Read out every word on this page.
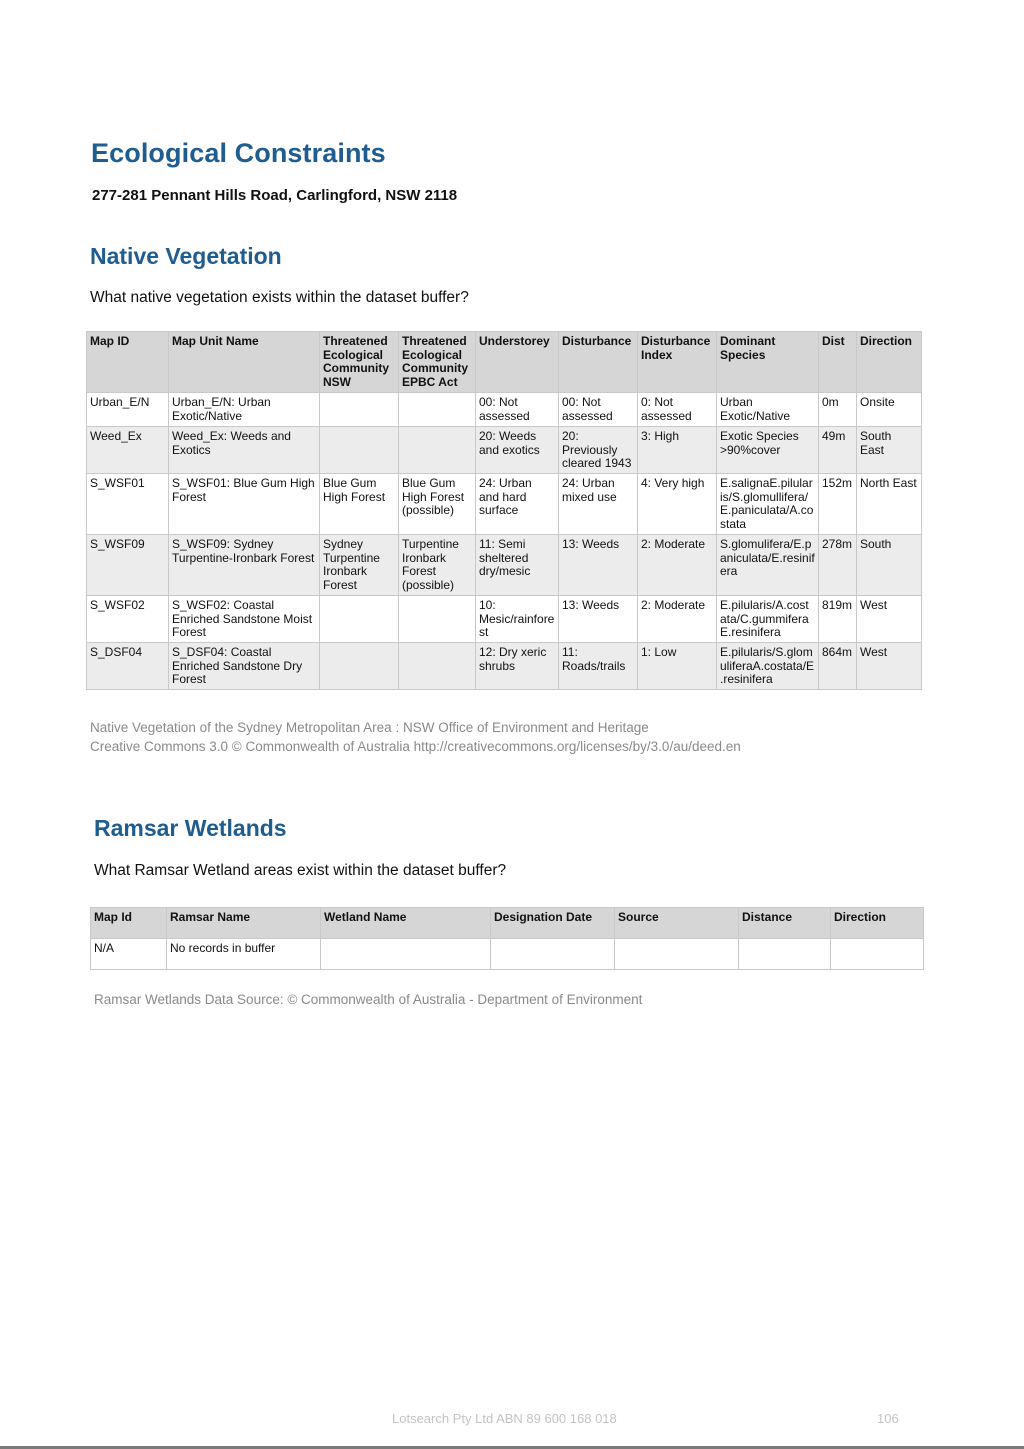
Ecological Constraints
277-281 Pennant Hills Road, Carlingford, NSW 2118
Native Vegetation
What native vegetation exists within the dataset buffer?
Map ID	Map Unit Name	Threatened Ecological Community NSW	Threatened Ecological Community EPBC Act	Understorey	Disturbance	Disturbance Index	Dominant Species	Dist	Direction
Urban_E/N	Urban_E/N: Urban Exotic/Native			00: Not assessed	00: Not assessed	0: Not assessed	Urban Exotic/Native	0m	Onsite
Weed_Ex	Weed_Ex: Weeds and Exotics			20: Weeds and exotics	20: Previously cleared 1943	3: High	Exotic Species >90%cover	49m	South East
S_WSF01	S_WSF01: Blue Gum High Forest	Blue Gum High Forest	Blue Gum High Forest (possible)	24: Urban and hard surface	24: Urban mixed use	4: Very high	E.salignaE.pilularis/S.glomullifera/E.paniculata/A.costata	152m	North East
S_WSF09	S_WSF09: Sydney Turpentine-Ironbark Forest	Sydney Turpentine Ironbark Forest	Turpentine Ironbark Forest (possible)	11: Semi sheltered dry/mesic	13: Weeds	2: Moderate	S.glomulifera/E.paniculata/E.resinifera	278m	South
S_WSF02	S_WSF02: Coastal Enriched Sandstone Moist Forest			10: Mesic/rainforest	13: Weeds	2: Moderate	E.pilularis/A.costata/C.gummifera E.resinifera	819m	West
S_DSF04	S_DSF04: Coastal Enriched Sandstone Dry Forest			12: Dry xeric shrubs	11: Roads/trails	1: Low	E.pilularis/S.glomuliferaA.costata/E.resinifera	864m	West
Native Vegetation of the Sydney Metropolitan Area : NSW Office of Environment and Heritage
Creative Commons 3.0 © Commonwealth of Australia http://creativecommons.org/licenses/by/3.0/au/deed.en
Ramsar Wetlands
What Ramsar Wetland areas exist within the dataset buffer?
Map Id	Ramsar Name	Wetland Name	Designation Date	Source	Distance	Direction
N/A	No records in buffer					
Ramsar Wetlands Data Source: © Commonwealth of Australia - Department of Environment
Lotsearch Pty Ltd ABN 89 600 168 018	106
